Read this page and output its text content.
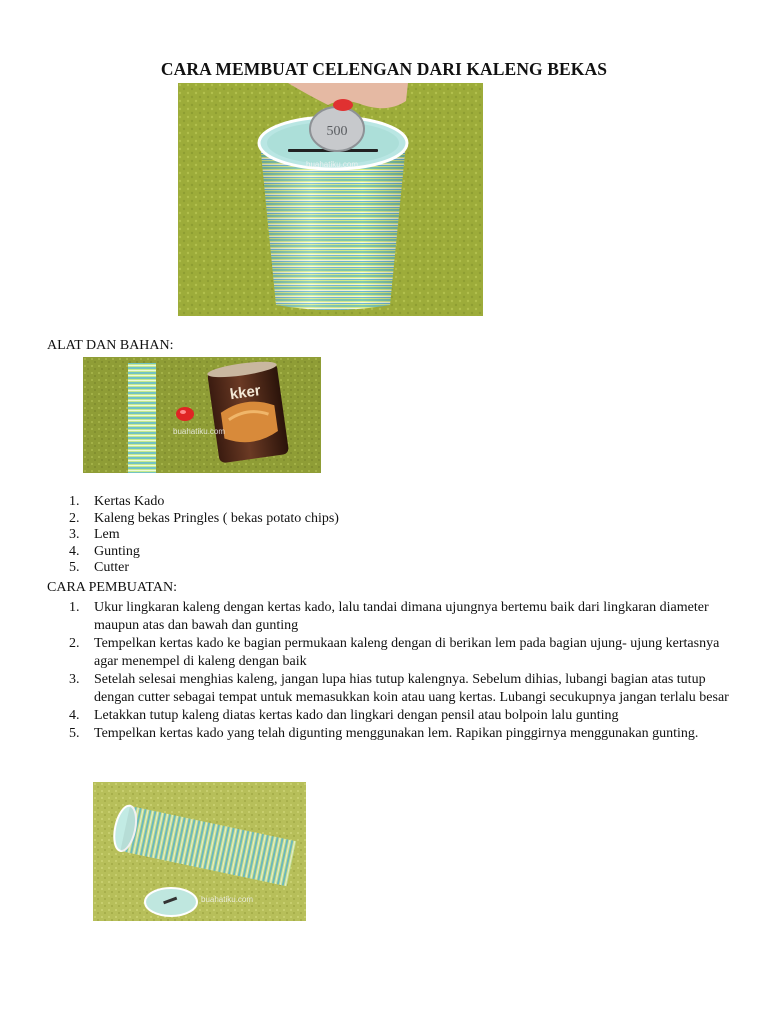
CARA MEMBUAT CELENGAN DARI KALENG BEKAS
500
buahatiku.com
ALAT DAN BAHAN:
kker
buahatiku.com
1. Kertas Kado
2. Kaleng bekas Pringles ( bekas potato chips)
3. Lem
4. Gunting
5. Cutter
CARA PEMBUATAN:
1. Ukur lingkaran kaleng dengan kertas kado, lalu tandai dimana ujungnya bertemu baik dari lingkaran diameter maupun atas dan bawah dan gunting
2. Tempelkan kertas kado ke bagian permukaan kaleng dengan di berikan lem pada bagian ujung- ujung kertasnya agar menempel di kaleng dengan baik
3. Setelah selesai menghias kaleng, jangan lupa hias tutup kalengnya. Sebelum dihias, lubangi bagian atas tutup dengan cutter sebagai tempat untuk memasukkan koin atau uang kertas. Lubangi secukupnya jangan terlalu besar
4. Letakkan tutup kaleng diatas kertas kado dan lingkari dengan pensil atau bolpoin lalu gunting
5. Tempelkan kertas kado yang telah digunting menggunakan lem. Rapikan pinggirnya menggunakan gunting.
buahatiku.com
